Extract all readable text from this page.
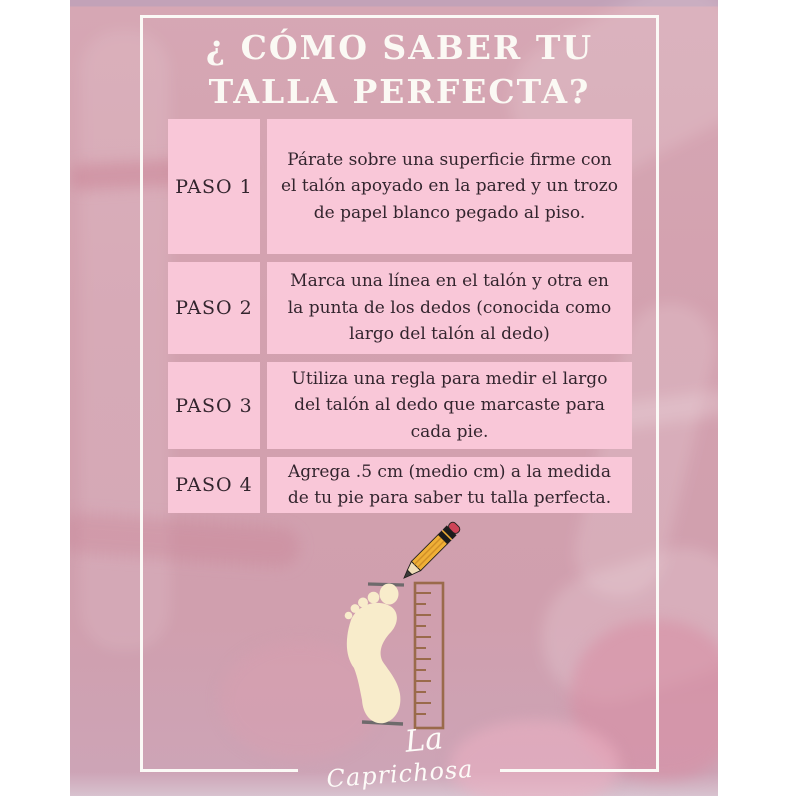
¿ CÓMO SABER TU
TALLA PERFECTA?
PASO 1
Párate sobre una superficie firme con el talón apoyado en la pared y un trozo de papel blanco pegado al piso.
PASO 2
Marca una línea en el talón y otra en la punta de los dedos (conocida como largo del talón al dedo)
PASO 3
Utiliza una regla para medir el largo del talón al dedo que marcaste para cada pie.
PASO 4
Agrega .5 cm (medio cm) a la medida de tu pie para saber tu talla perfecta.
La
Caprichosa
